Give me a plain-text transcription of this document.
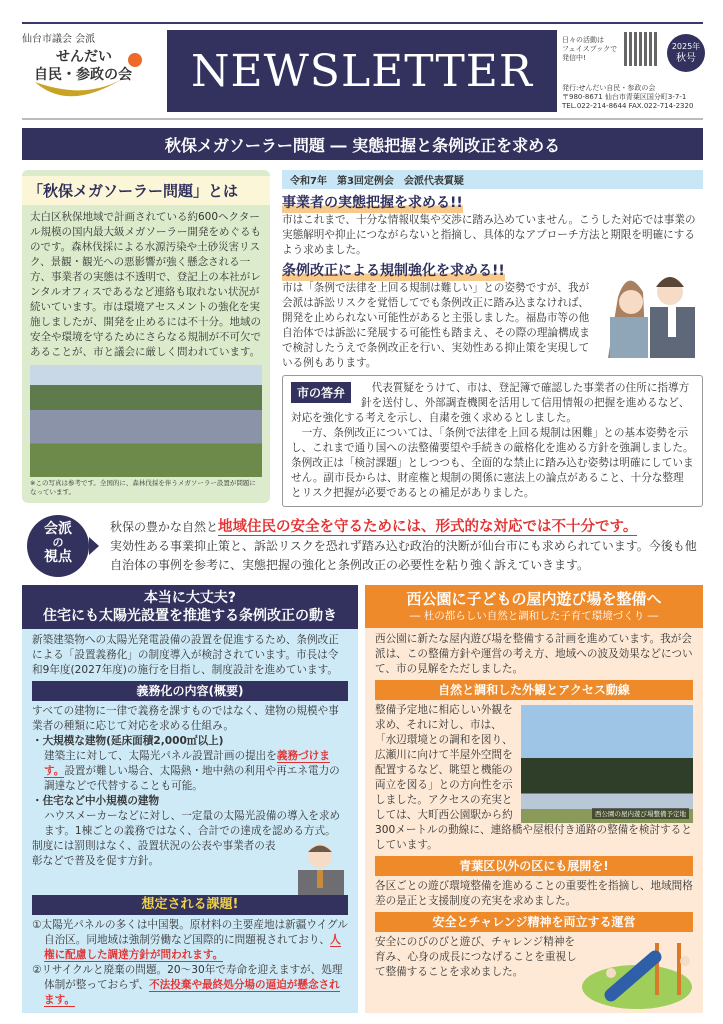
仙台市議会 会派
せんだい
自民・参政の会 NEWSLETTER
日々の活動は
フェイスブックで
発信中!
2025年
秋号
発行:せんだい自民・参政の会
〒980-8671 仙台市青葉区国分町3-7-1
TEL.022-214-8644 FAX.022-714-2320
秋保メガソーラー問題 ― 実態把握と条例改正を求める
「秋保メガソーラー問題」とは

太白区秋保地域で計画されている約600ヘクタール規模の国内最大級メガソーラー開発をめぐるものです。森林伐採による水源汚染や土砂災害リスク、景観・観光への悪影響が強く懸念される一方、事業者の実態は不透明で、登記上の本社がレンタルオフィスであるなど連絡も取れない状況が続いています。市は環境アセスメントの強化を実施しましたが、開発を止めるには不十分。地域の安全や環境を守るためにさらなる規制が不可欠であることが、市と議会に厳しく問われています。

※この写真は参考です。全国的に、森林伐採を伴うメガソーラー設置が問題になっています。
令和7年　第3回定例会　会派代表質疑
事業者の実態把握を求める!!

市はこれまで、十分な情報収集や交渉に踏み込めていません。こうした対応では事業の実態解明や抑止につながらないと指摘し、具体的なアプローチ方法と期限を明確にするよう求めました。

条例改正による規制強化を求める!!

市は「条例で法律を上回る規制は難しい」との姿勢ですが、我が会派は訴訟リスクを覚悟してでも条例改正に踏み込まなければ、開発を止められない可能性があると主張しました。福島市等の他自治体では訴訟に発展する可能性も踏まえ、その際の理論構成まで検討したうえで条例改正を行い、実効性ある抑止策を実現している例もあります。

市の答弁	代表質疑をうけて、市は、登記簿で確認した事業者の住所に指導方針を送付し、外部調査機関を活用して信用情報の把握を進めるなど、対応を強化する考えを示し、自粛を強く求めるとしました。

一方、条例改正については、「条例で法律を上回る規制は困難」との基本姿勢を示し、これまで通り国への法整備要望や手続きの厳格化を進める方針を強調しました。条例改正は「検討課題」としつつも、全面的な禁止に踏み込む姿勢は明確にしていません。副市長からは、財産権と規制の関係に憲法上の論点があること、十分な整理とリスク把握が必要であるとの補足がありました。

会派
の
視点
秋保の豊かな自然と地域住民の安全を守るためには、形式的な対応では不十分です。
実効性ある事業抑止策と、訴訟リスクを恐れず踏み込む政治的決断が仙台市にも求められています。今後も他自治体の事例を参考に、実態把握の強化と条例改正の必要性を粘り強く訴えていきます。
本当に大丈夫?
住宅にも太陽光設置を推進する条例改正の動き

新築建築物への太陽光発電設備の設置を促進するため、条例改正による「設置義務化」の制度導入が検討されています。市長は令和9年度(2027年度)の施行を目指し、制度設計を進めています。

義務化の内容(概要)

すべての建物に一律で義務を課すものではなく、建物の規模や事業者の種類に応じて対応を求める仕組み。

・大規模な建物(延床面積2,000㎡以上)

建築主に対して、太陽光パネル設置計画の提出を義務づけます。設置が難しい場合、太陽熱・地中熱の利用や再エネ電力の調達などで代替することも可能。

・住宅など中小規模の建物

ハウスメーカーなどに対し、一定量の太陽光設備の導入を求めます。1棟ごとの義務ではなく、合計での達成を認める方式。

制度には罰則はなく、設置状況の公表や事業者の表彰などで普及を促す方針。

想定される課題!

①太陽光パネルの多くは中国製。原材料の主要産地は新疆ウイグル自治区。同地域は強制労働など国際的に問題視されており、人権に配慮した調達方針が問われます。

②リサイクルと廃棄の問題。20〜30年で寿命を迎えますが、処理体制が整っておらず、不法投棄や最終処分場の逼迫が懸念されます。

西公園に子どもの屋内遊び場を整備へ
― 杜の都らしい自然と調和した子育て環境づくり ―

西公園に新たな屋内遊び場を整備する計画を進めています。我が会派は、この整備方針や運営の考え方、地域への波及効果などについて、市の見解をただしました。

自然と調和した外観とアクセス動線
西公園の屋内遊び場整備予定地

整備予定地に相応しい外観を求め、それに対し、市は、「水辺環境との調和を図り、広瀬川に向けて半屋外空間を配置するなど、眺望と機能の両立を図る」との方向性を示しました。アクセスの充実としては、大町西公園駅から約300メートルの動線に、連絡橋や屋根付き通路の整備を検討するとしています。

青葉区以外の区にも展開を!

各区ごとの遊び環境整備を進めることの重要性を指摘し、地域間格差の是正と支援制度の充実を求めました。

安全とチャレンジ精神を両立する運営

安全にのびのびと遊び、チャレンジ精神を育み、心身の成長につなげることを重視して整備することを求めました。
